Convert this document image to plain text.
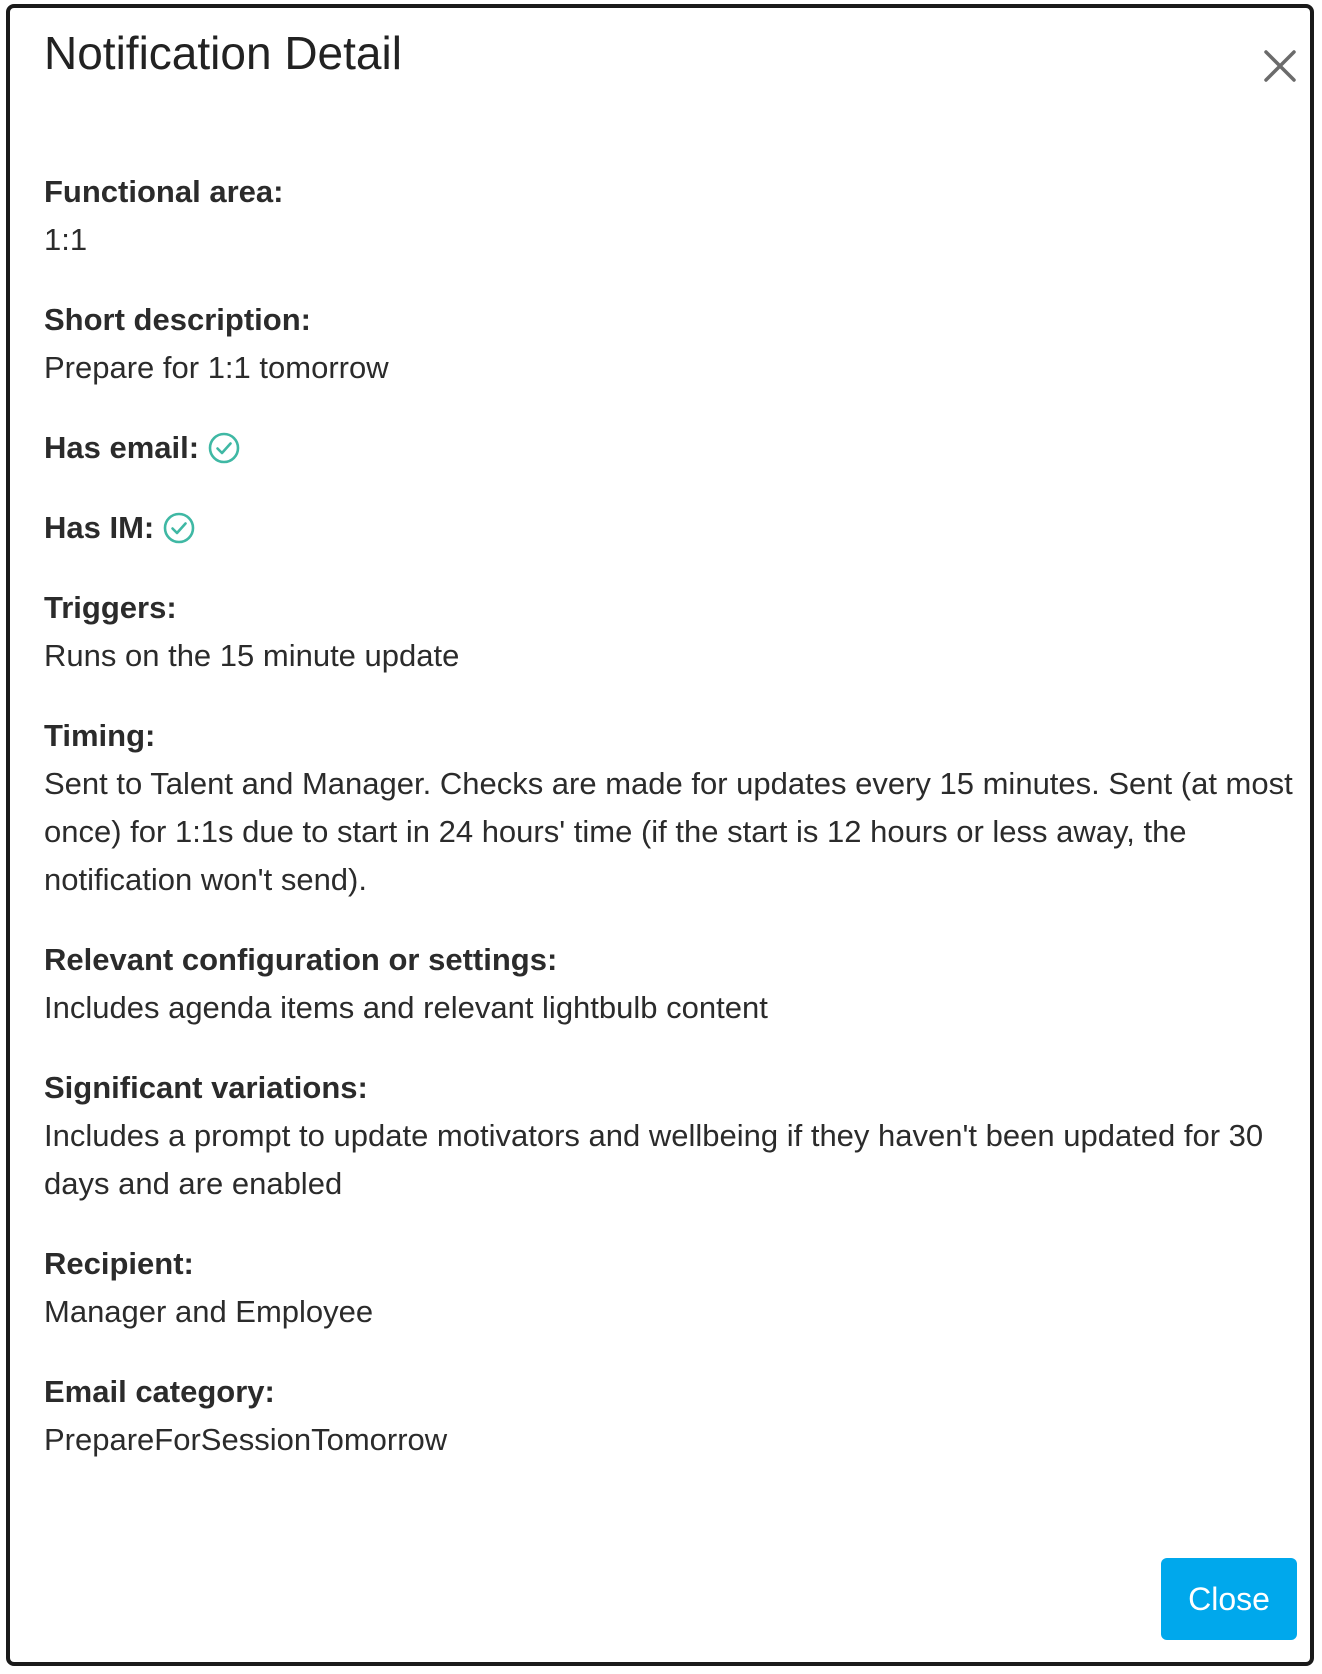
Notification Detail
Functional area:
1:1
Short description:
Prepare for 1:1 tomorrow
Has email:
Has IM:
Triggers:
Runs on the 15 minute update
Timing:
Sent to Talent and Manager. Checks are made for updates every 15 minutes. Sent (at most once) for 1:1s due to start in 24 hours' time (if the start is 12 hours or less away, the notification won't send).
Relevant configuration or settings:
Includes agenda items and relevant lightbulb content
Significant variations:
Includes a prompt to update motivators and wellbeing if they haven't been updated for 30 days and are enabled
Recipient:
Manager and Employee
Email category:
PrepareForSessionTomorrow
Close
